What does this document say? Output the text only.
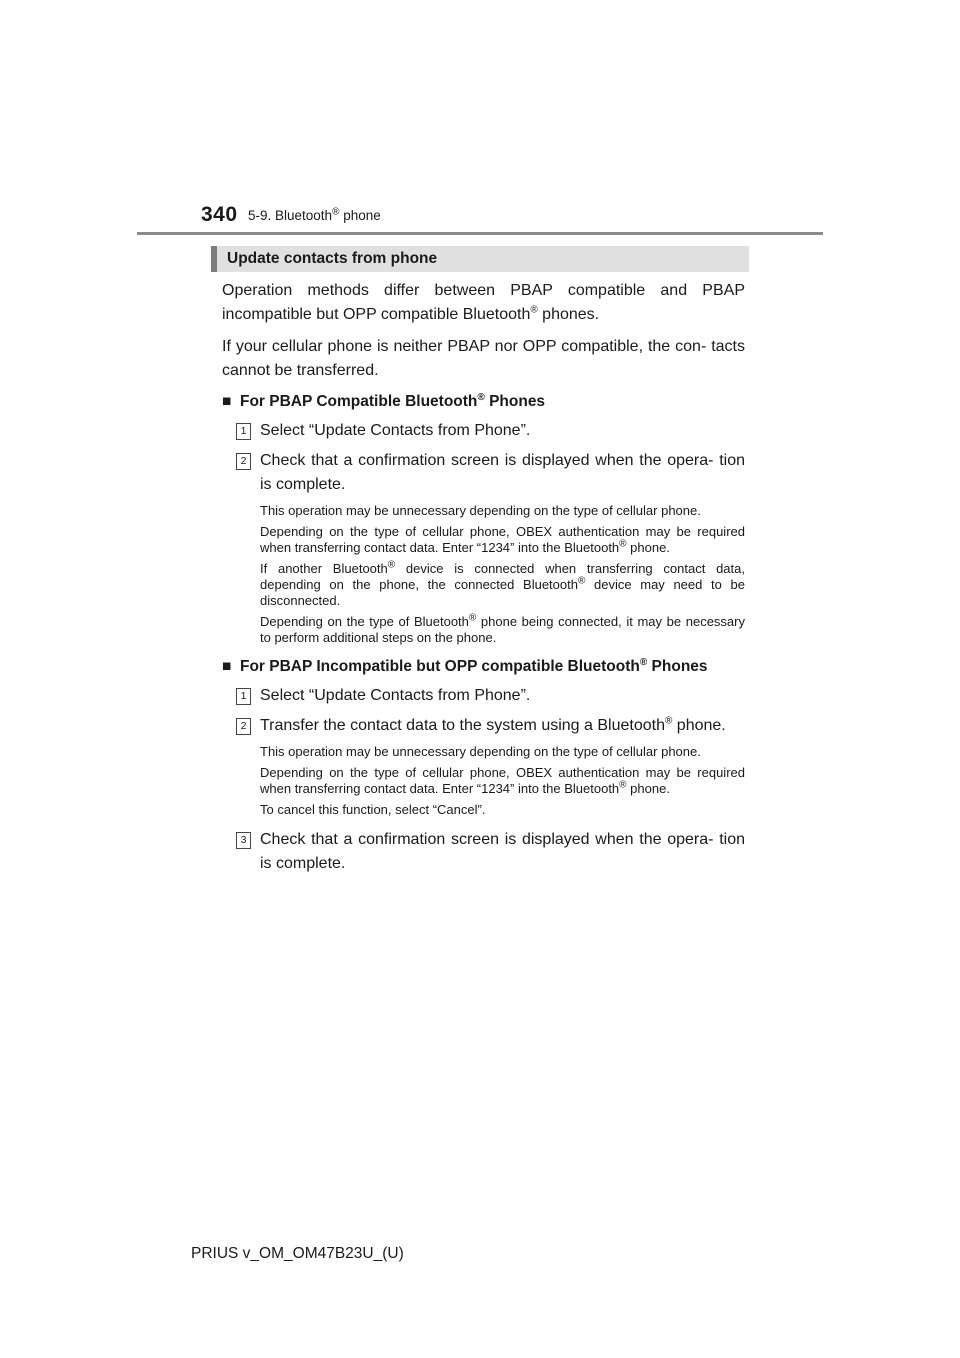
340 5-9. Bluetooth® phone
Update contacts from phone

Operation methods differ between PBAP compatible and PBAP incompatible but OPP compatible Bluetooth® phones.

If your cellular phone is neither PBAP nor OPP compatible, the con- tacts cannot be transferred.

■ For PBAP Compatible Bluetooth® Phones
1 Select “Update Contacts from Phone”.
2 Check that a confirmation screen is displayed when the opera- tion is complete.

This operation may be unnecessary depending on the type of cellular phone.

Depending on the type of cellular phone, OBEX authentication may be required when transferring contact data. Enter “1234” into the Bluetooth® phone.

If another Bluetooth® device is connected when transferring contact data, depending on the phone, the connected Bluetooth® device may need to be disconnected.

Depending on the type of Bluetooth® phone being connected, it may be necessary to perform additional steps on the phone.

■ For PBAP Incompatible but OPP compatible Bluetooth® Phones
1 Select “Update Contacts from Phone”.
2 Transfer the contact data to the system using a Bluetooth® phone.

This operation may be unnecessary depending on the type of cellular phone.

Depending on the type of cellular phone, OBEX authentication may be required when transferring contact data. Enter “1234” into the Bluetooth® phone.

To cancel this function, select “Cancel”.

3 Check that a confirmation screen is displayed when the opera- tion is complete.
PRIUS v_OM_OM47B23U_(U)
